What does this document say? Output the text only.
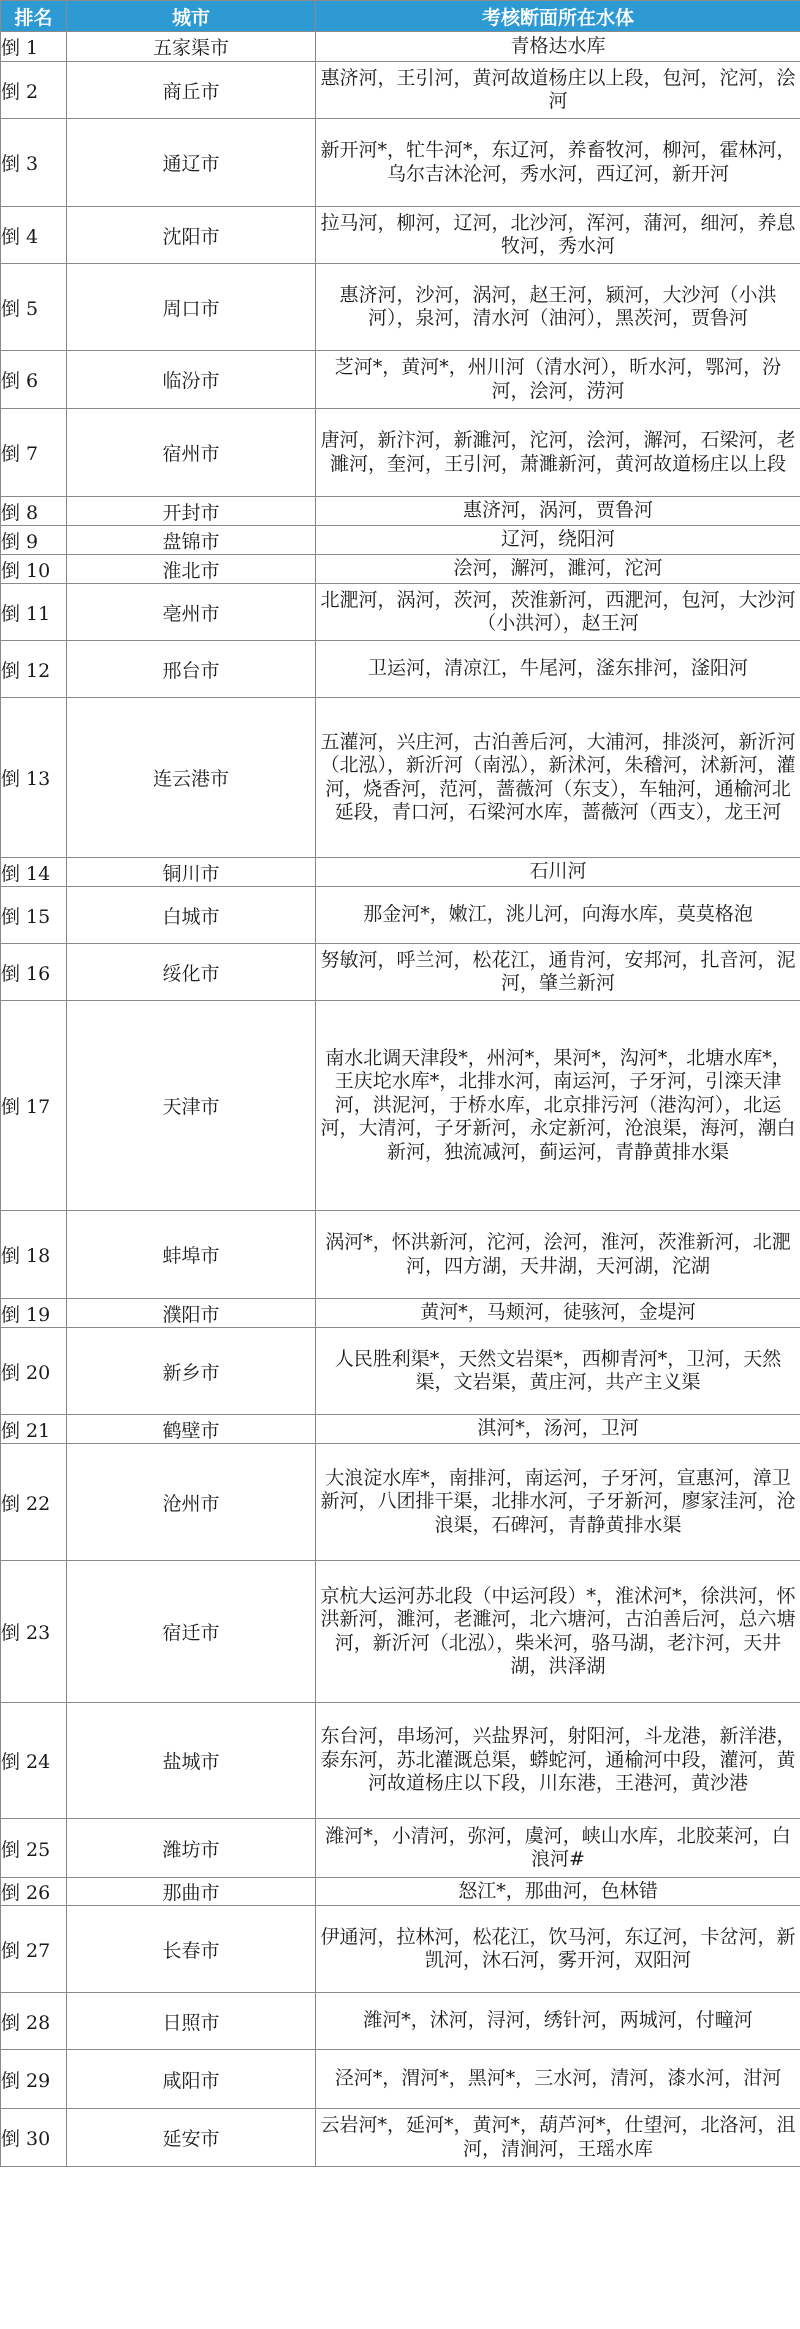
排名	城市	考核断面所在水体
倒 1	五家渠市	青格达水库
倒 2	商丘市	惠济河，王引河，黄河故道杨庄以上段，包河，沱河，浍河
倒 3	通辽市	新开河*，牤牛河*，东辽河，养畜牧河，柳河，霍林河，乌尔吉沐沦河，秀水河，西辽河，新开河
倒 4	沈阳市	拉马河，柳河，辽河，北沙河，浑河，蒲河，细河，养息牧河，秀水河
倒 5	周口市	惠济河，沙河，涡河，赵王河，颍河，大沙河（小洪河），泉河，清水河（油河），黑茨河，贾鲁河
倒 6	临汾市	芝河*，黄河*，州川河（清水河），昕水河，鄂河，汾河，浍河，涝河
倒 7	宿州市	唐河，新汴河，新濉河，沱河，浍河，澥河，石梁河，老濉河，奎河，王引河，萧濉新河，黄河故道杨庄以上段
倒 8	开封市	惠济河，涡河，贾鲁河
倒 9	盘锦市	辽河，绕阳河
倒 10	淮北市	浍河，澥河，濉河，沱河
倒 11	亳州市	北淝河，涡河，茨河，茨淮新河，西淝河，包河，大沙河（小洪河），赵王河
倒 12	邢台市	卫运河，清凉江，牛尾河，滏东排河，滏阳河
倒 13	连云港市	五灌河，兴庄河，古泊善后河，大浦河，排淡河，新沂河（北泓），新沂河（南泓），新沭河，朱稽河，沭新河，灌河，烧香河，范河，蔷薇河（东支），车轴河，通榆河北延段，青口河，石梁河水库，蔷薇河（西支），龙王河
倒 14	铜川市	石川河
倒 15	白城市	那金河*，嫩江，洮儿河，向海水库，莫莫格泡
倒 16	绥化市	努敏河，呼兰河，松花江，通肯河，安邦河，扎音河，泥河，肇兰新河
倒 17	天津市	南水北调天津段*，州河*，果河*，沟河*，北塘水库*，王庆坨水库*，北排水河，南运河，子牙河，引滦天津河，洪泥河，于桥水库，北京排污河（港沟河），北运河，大清河，子牙新河，永定新河，沧浪渠，海河，潮白新河，独流减河，蓟运河，青静黄排水渠
倒 18	蚌埠市	涡河*，怀洪新河，沱河，浍河，淮河，茨淮新河，北淝河，四方湖，天井湖，天河湖，沱湖
倒 19	濮阳市	黄河*，马颊河，徒骇河，金堤河
倒 20	新乡市	人民胜利渠*，天然文岩渠*，西柳青河*，卫河，天然渠，文岩渠，黄庄河，共产主义渠
倒 21	鹤壁市	淇河*，汤河，卫河
倒 22	沧州市	大浪淀水库*，南排河，南运河，子牙河，宣惠河，漳卫新河，八团排干渠，北排水河，子牙新河，廖家洼河，沧浪渠，石碑河，青静黄排水渠
倒 23	宿迁市	京杭大运河苏北段（中运河段）*，淮沭河*，徐洪河，怀洪新河，濉河，老濉河，北六塘河，古泊善后河，总六塘河，新沂河（北泓），柴米河，骆马湖，老汴河，天井湖，洪泽湖
倒 24	盐城市	东台河，串场河，兴盐界河，射阳河，斗龙港，新洋港，泰东河，苏北灌溉总渠，蟒蛇河，通榆河中段，灌河，黄河故道杨庄以下段，川东港，王港河，黄沙港
倒 25	潍坊市	潍河*，小清河，弥河，虞河，峡山水库，北胶莱河，白浪河#
倒 26	那曲市	怒江*，那曲河，色林错
倒 27	长春市	伊通河，拉林河，松花江，饮马河，东辽河，卡岔河，新凯河，沐石河，雾开河，双阳河
倒 28	日照市	潍河*，沭河，浔河，绣针河，两城河，付疃河
倒 29	咸阳市	泾河*，渭河*，黑河*，三水河，清河，漆水河，泔河
倒 30	延安市	云岩河*，延河*，黄河*，葫芦河*，仕望河，北洛河，沮河，清涧河，王瑶水库
